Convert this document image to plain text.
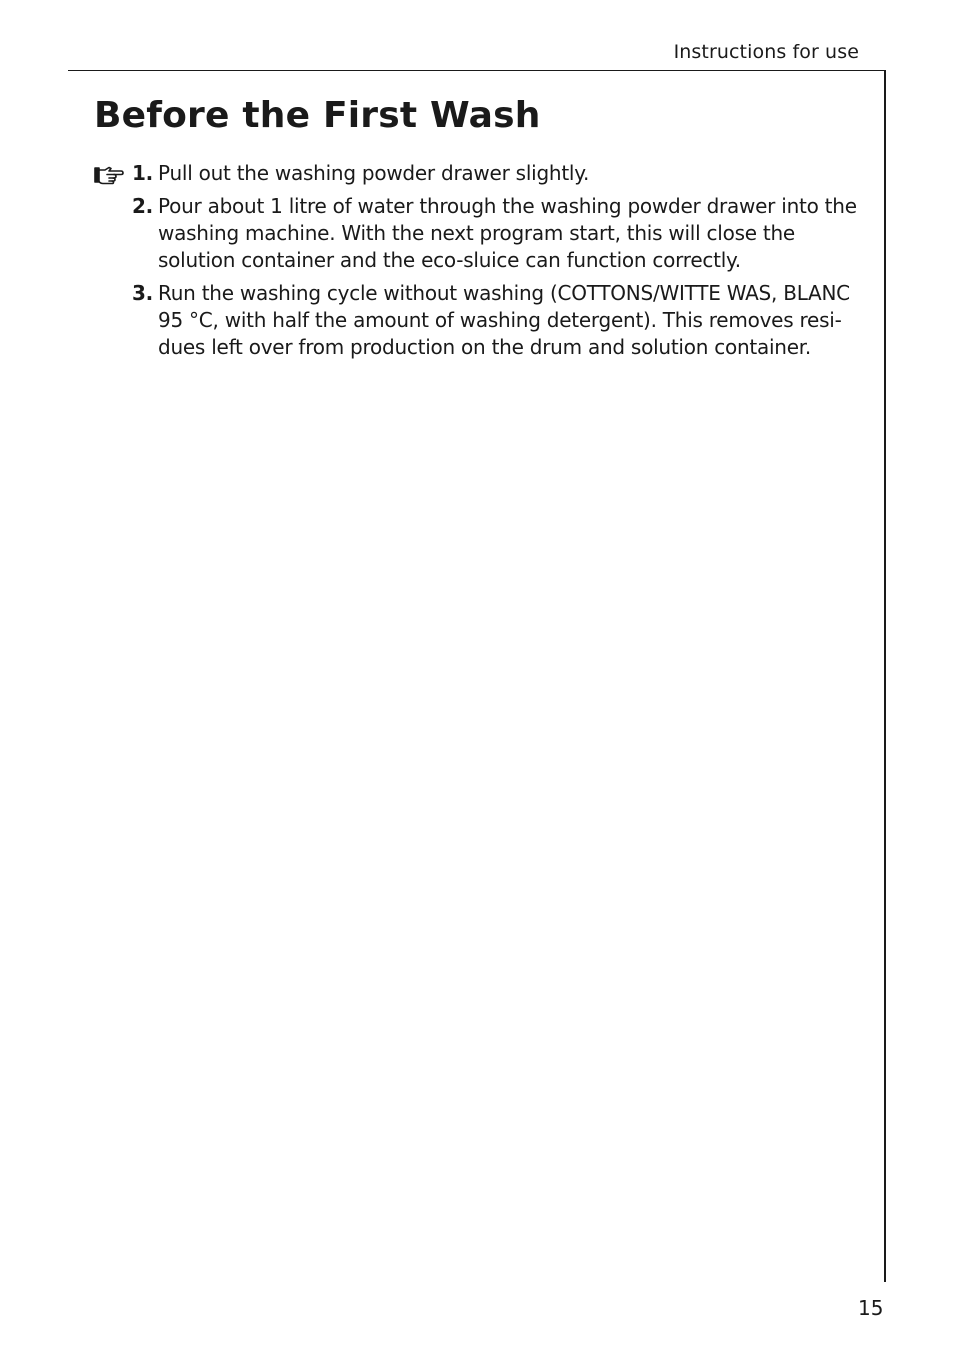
Instructions for use
Before the First Wash
1. Pull out the washing powder drawer slightly.
2. Pour about 1 litre of water through the washing powder drawer into the washing machine. With the next program start, this will close the solution container and the eco-sluice can function correctly.
3. Run the washing cycle without washing (COTTONS/WITTE WAS, BLANC 95 °C, with half the amount of washing detergent). This removes resi-dues left over from production on the drum and solution container.
15
